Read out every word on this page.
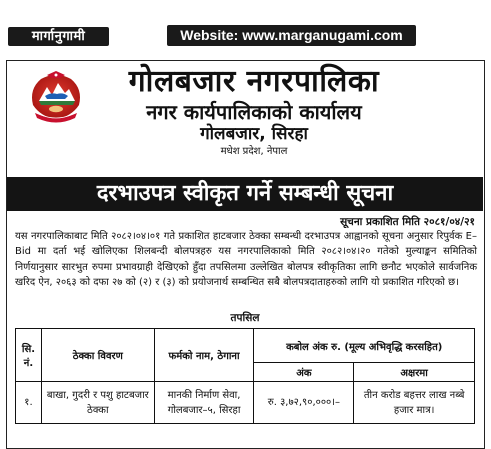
मार्गानुगामी	Website: www.marganugami.com
गोलबजार नगरपालिका
नगर कार्यपालिकाको कार्यालय
गोलबजार, सिरहा
मधेश प्रदेश, नेपाल
दरभाउपत्र स्वीकृत गर्ने सम्बन्धी सूचना
सूचना प्रकाशित मिति २०८१/०४/२१
यस नगरपालिकाबाट मिति २०८२।०४।०१ गते प्रकाशित हाटबजार ठेक्का सम्बन्धी दरभाउपत्र आह्वानको सूचना अनुसार रिपुर्वक E–Bid मा दर्ता भई खोलिएका शिलबन्दी बोलपत्रहरु यस नगरपालिकाको मिति २०८२।०४।२० गतेको मुल्याङ्कन समितिको निर्णयानुसार सारभुत रुपमा प्रभावग्राही देखिएको हुँदा तपसिलमा उल्लेखित बोलपत्र स्वीकृतिका लागि छनौट भएकोले सार्वजनिक खरिद ऐन, २०६३ को दफा २७ को (२) र (३) को प्रयोजनार्थ सम्बन्धित सबै बोलपत्रदाताहरुको लागि यो प्रकाशित गरिएको छ।
तपसिल
सि. नं.	ठेक्का विवरण	फर्मको नाम, ठेगाना	कबोल अंक रु. (मूल्य अभिवृद्धि करसहित)	
			अंक	अक्षरमा
१.	बाखा, गुदरी र पशु हाटबजार ठेक्का	मानकी निर्माण सेवा, गोलबजार–५, सिरहा	रु. ३,७२,९०,०००।–	तीन करोड बहत्तर लाख नब्बे हजार मात्र।
